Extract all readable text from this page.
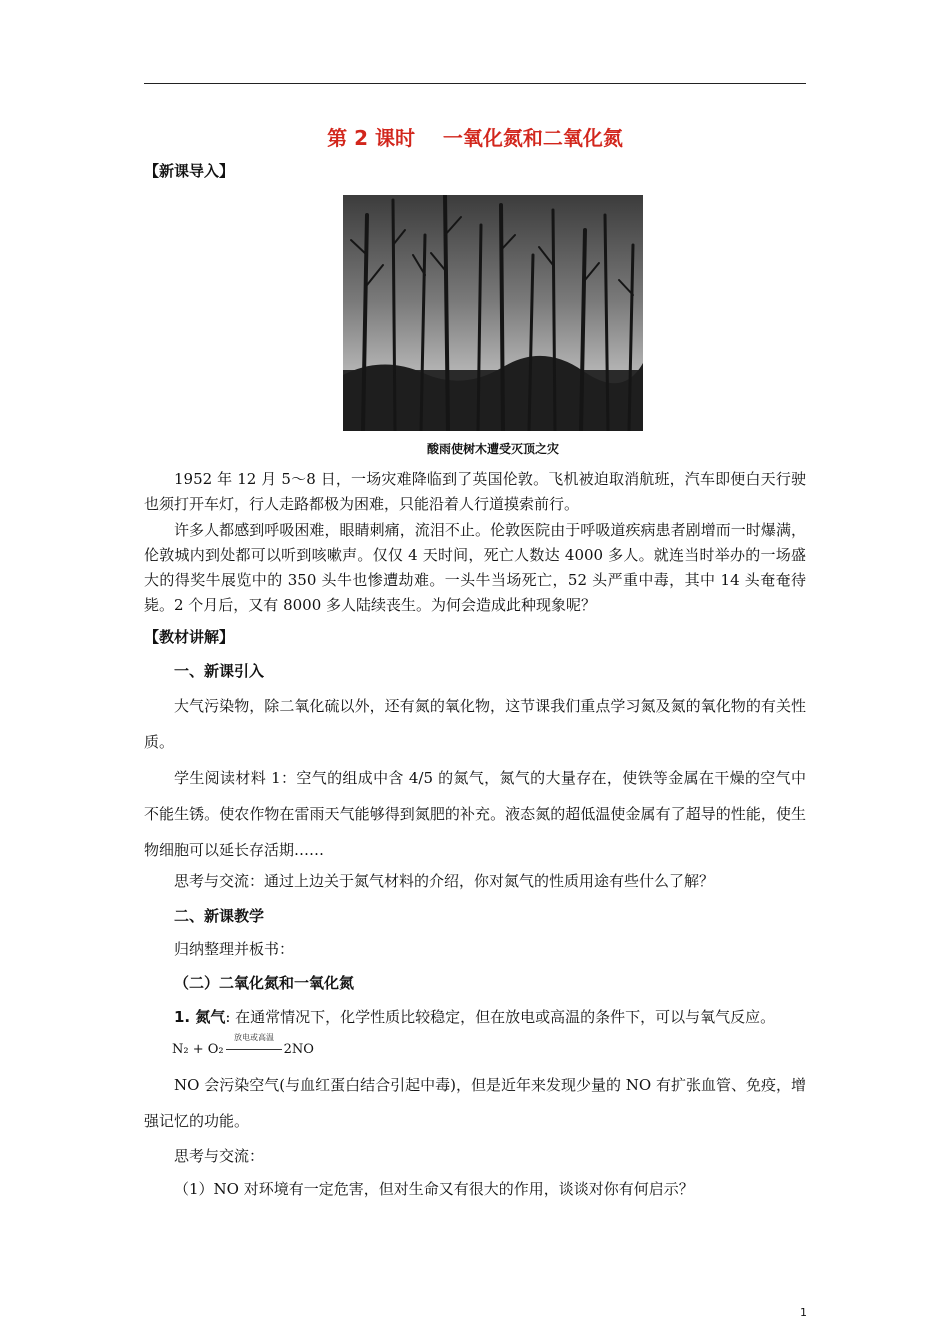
第 2 课时    一氧化氮和二氧化氮
【新课导入】
酸雨使树木遭受灭顶之灾
1952 年 12 月 5～8 日，一场灾难降临到了英国伦敦。飞机被迫取消航班，汽车即便白天行驶也须打开车灯，行人走路都极为困难，只能沿着人行道摸索前行。
许多人都感到呼吸困难，眼睛刺痛，流泪不止。伦敦医院由于呼吸道疾病患者剧增而一时爆满，伦敦城内到处都可以听到咳嗽声。仅仅 4 天时间，死亡人数达 4000 多人。就连当时举办的一场盛大的得奖牛展览中的 350 头牛也惨遭劫难。一头牛当场死亡，52 头严重中毒，其中 14 头奄奄待毙。2 个月后，又有 8000 多人陆续丧生。为何会造成此种现象呢？
【教材讲解】
一、新课引入
大气污染物，除二氧化硫以外，还有氮的氧化物，这节课我们重点学习氮及氮的氧化物的有关性质。
学生阅读材料 1：空气的组成中含 4/5 的氮气，氮气的大量存在，使铁等金属在干燥的空气中不能生锈。使农作物在雷雨天气能够得到氮肥的补充。液态氮的超低温使金属有了超导的性能，使生物细胞可以延长存活期……
思考与交流：通过上边关于氮气材料的介绍，你对氮气的性质用途有些什么了解？
二、新课教学
归纳整理并板书：
（二）二氧化氮和一氧化氮
1. 氮气: 在通常情况下，化学性质比较稳定，但在放电或高温的条件下，可以与氧气反应。
N₂ + O₂	2NO
放电或高温
NO 会污染空气(与血红蛋白结合引起中毒)，但是近年来发现少量的 NO 有扩张血管、免疫，增强记忆的功能。
思考与交流：
（1）NO 对环境有一定危害，但对生命又有很大的作用，谈谈对你有何启示？
1
